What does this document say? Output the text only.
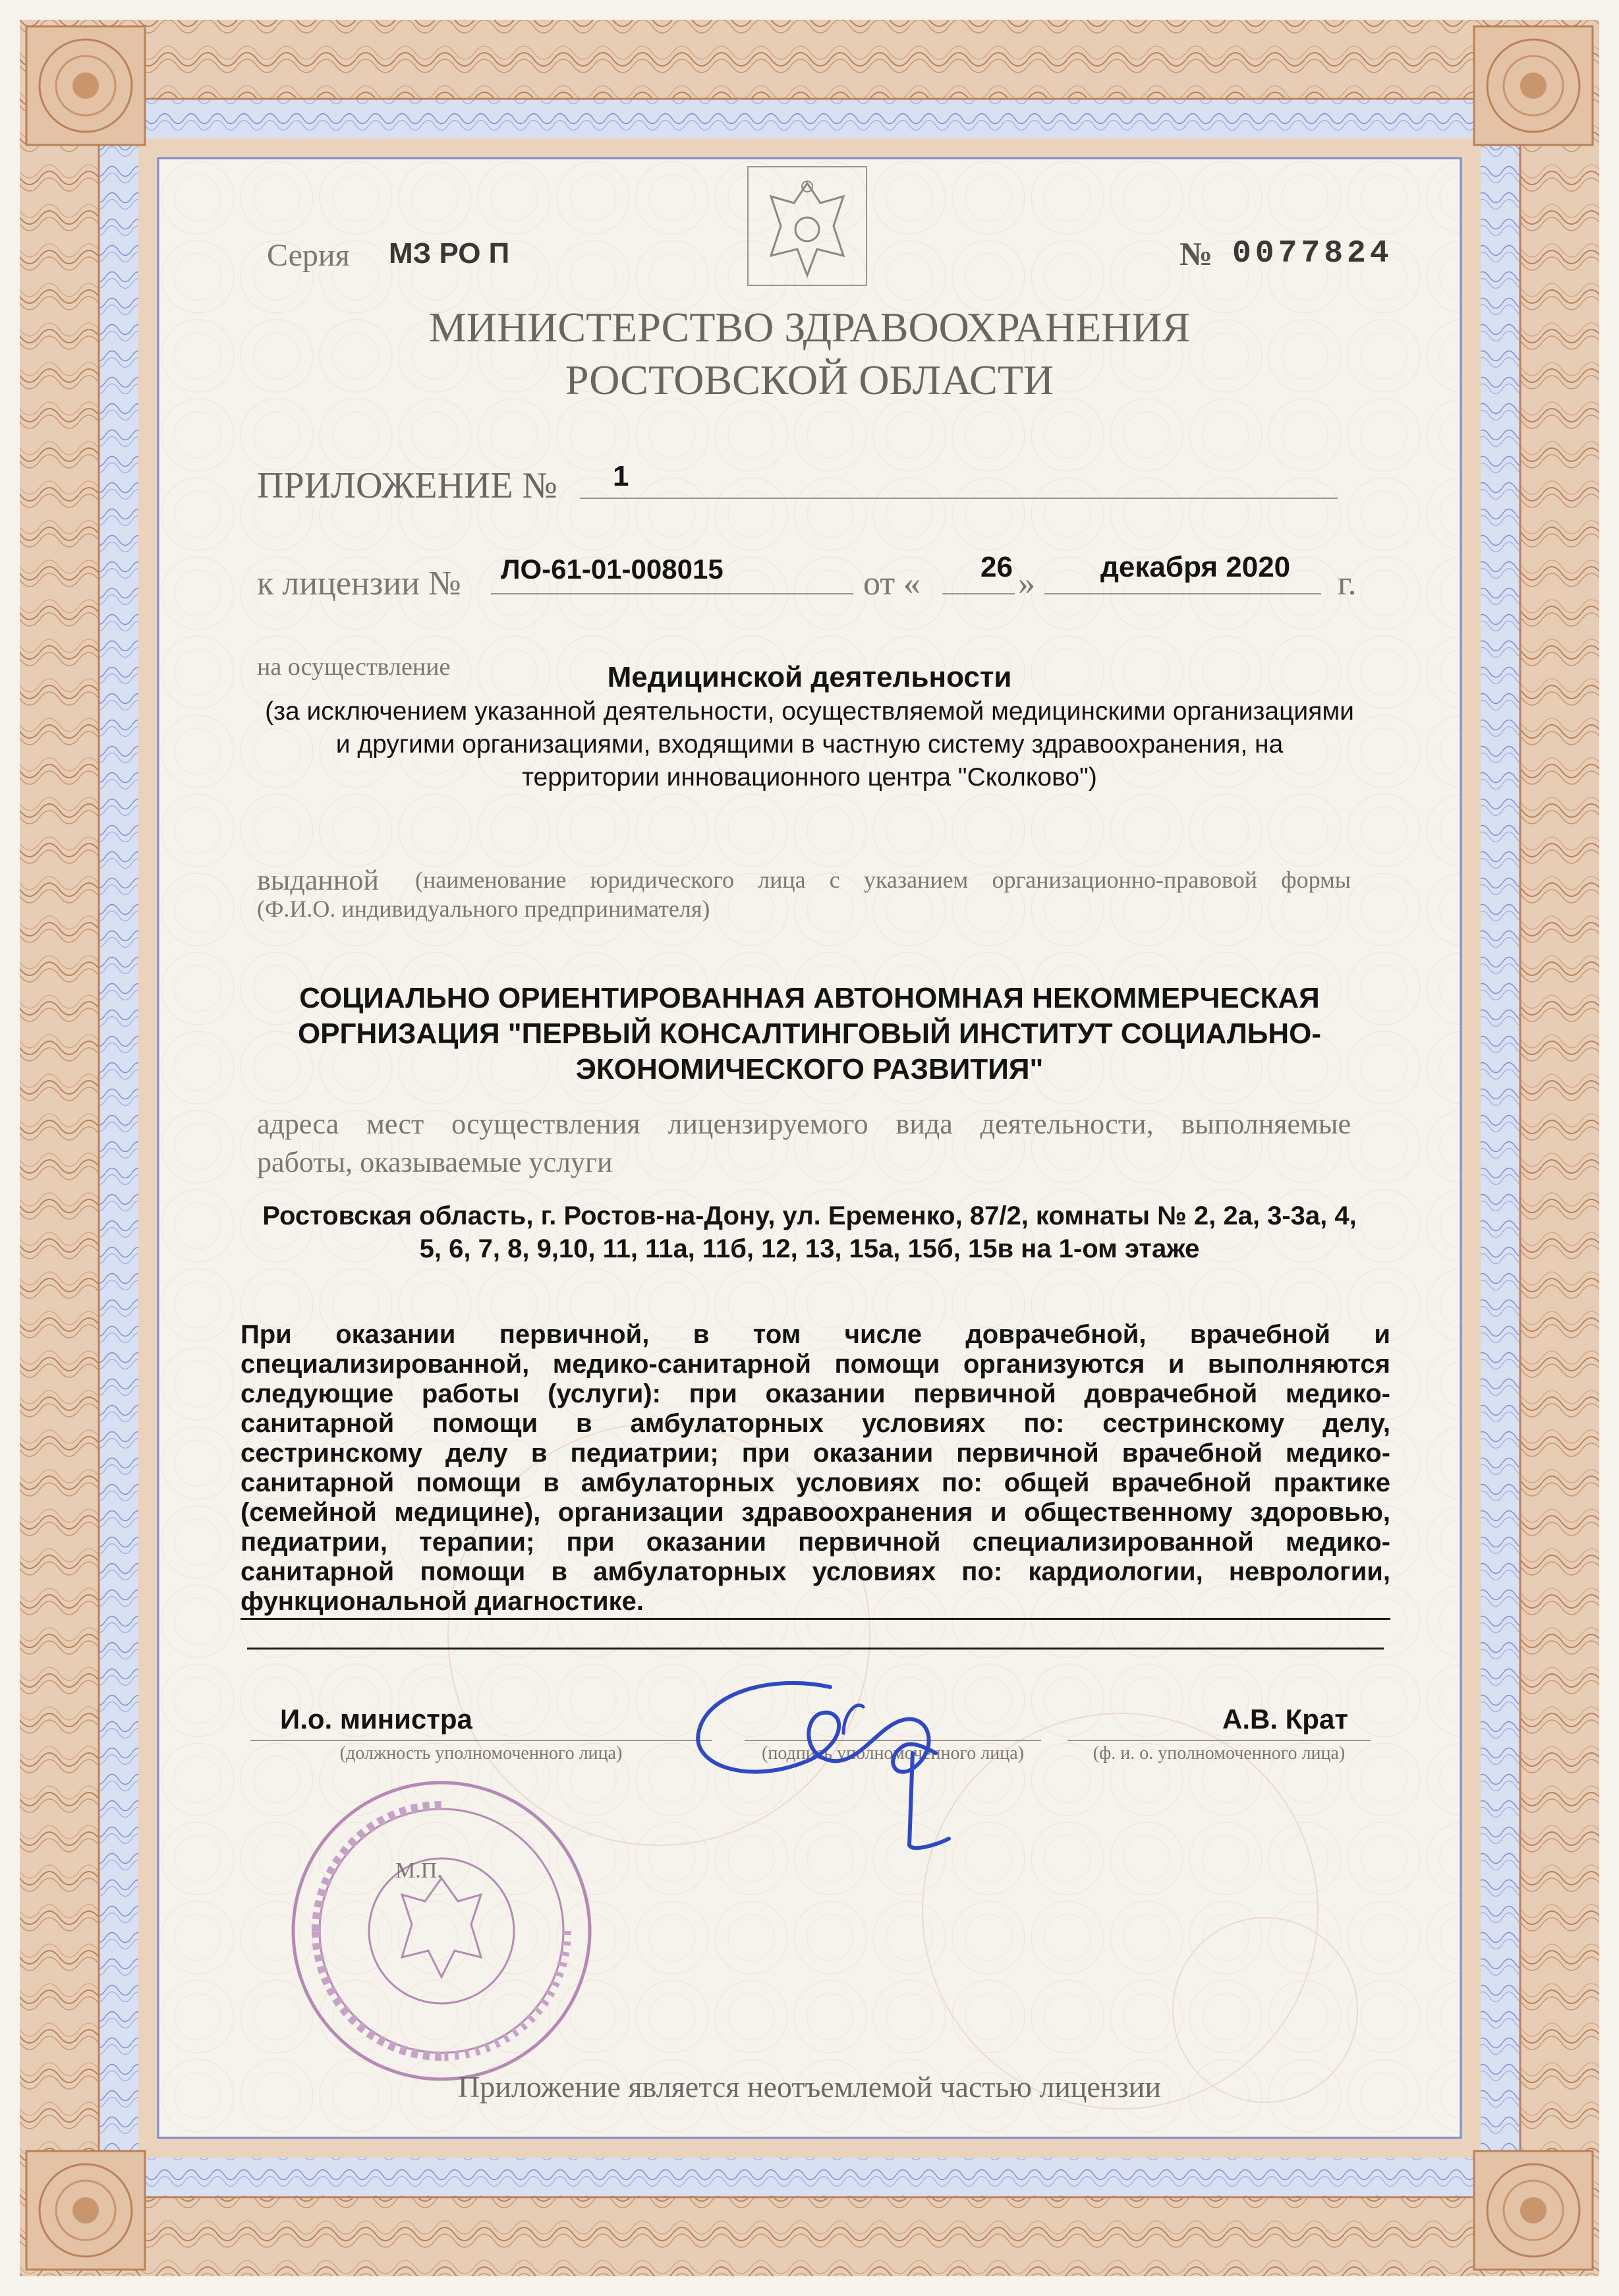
Серия МЗ РО П	№ 0077824
МИНИСТЕРСТВО ЗДРАВООХРАНЕНИЯ
РОСТОВСКОЙ ОБЛАСТИ
ПРИЛОЖЕНИЕ № 1
к лицензии № ЛО-61-01-008015	от « 26 » декабря 2020 г.
на осуществление	Медицинской деятельности
(за исключением указанной деятельности, осуществляемой медицинскими организациями
и другими организациями, входящими в частную систему здравоохранения, на
территории инновационного центра "Сколково")
выданной (наименование юридического лица с указанием организационно-правовой формы
(Ф.И.О. индивидуального предпринимателя)
СОЦИАЛЬНО ОРИЕНТИРОВАННАЯ АВТОНОМНАЯ НЕКОММЕРЧЕСКАЯ
ОРГНИЗАЦИЯ "ПЕРВЫЙ КОНСАЛТИНГОВЫЙ ИНСТИТУТ СОЦИАЛЬНО-
ЭКОНОМИЧЕСКОГО РАЗВИТИЯ"
адреса мест осуществления лицензируемого вида деятельности, выполняемые
работы, оказываемые услуги
Ростовская область, г. Ростов-на-Дону, ул. Еременко, 87/2, комнаты № 2, 2а, 3-3а, 4,
5, 6, 7, 8, 9,10, 11, 11а, 11б, 12, 13, 15а, 15б, 15в на 1-ом этаже
При оказании первичной, в том числе доврачебной, врачебной и
специализированной, медико-санитарной помощи организуются и выполняются
следующие работы (услуги): при оказании первичной доврачебной медико-
санитарной помощи в амбулаторных условиях по: сестринскому делу,
сестринскому делу в педиатрии; при оказании первичной врачебной медико-
санитарной помощи в амбулаторных условиях по: общей врачебной практике
(семейной медицине), организации здравоохранения и общественному здоровью,
педиатрии, терапии; при оказании первичной специализированной медико-
санитарной помощи в амбулаторных условиях по: кардиологии, неврологии,
функциональной диагностике.
И.о. министра
(должность уполномоченного лица)	(подпись уполномоченного лица)
А.В. Крат
(ф. и. о. уполномоченного лица)
М.П.
Приложение является неотъемлемой частью лицензии
